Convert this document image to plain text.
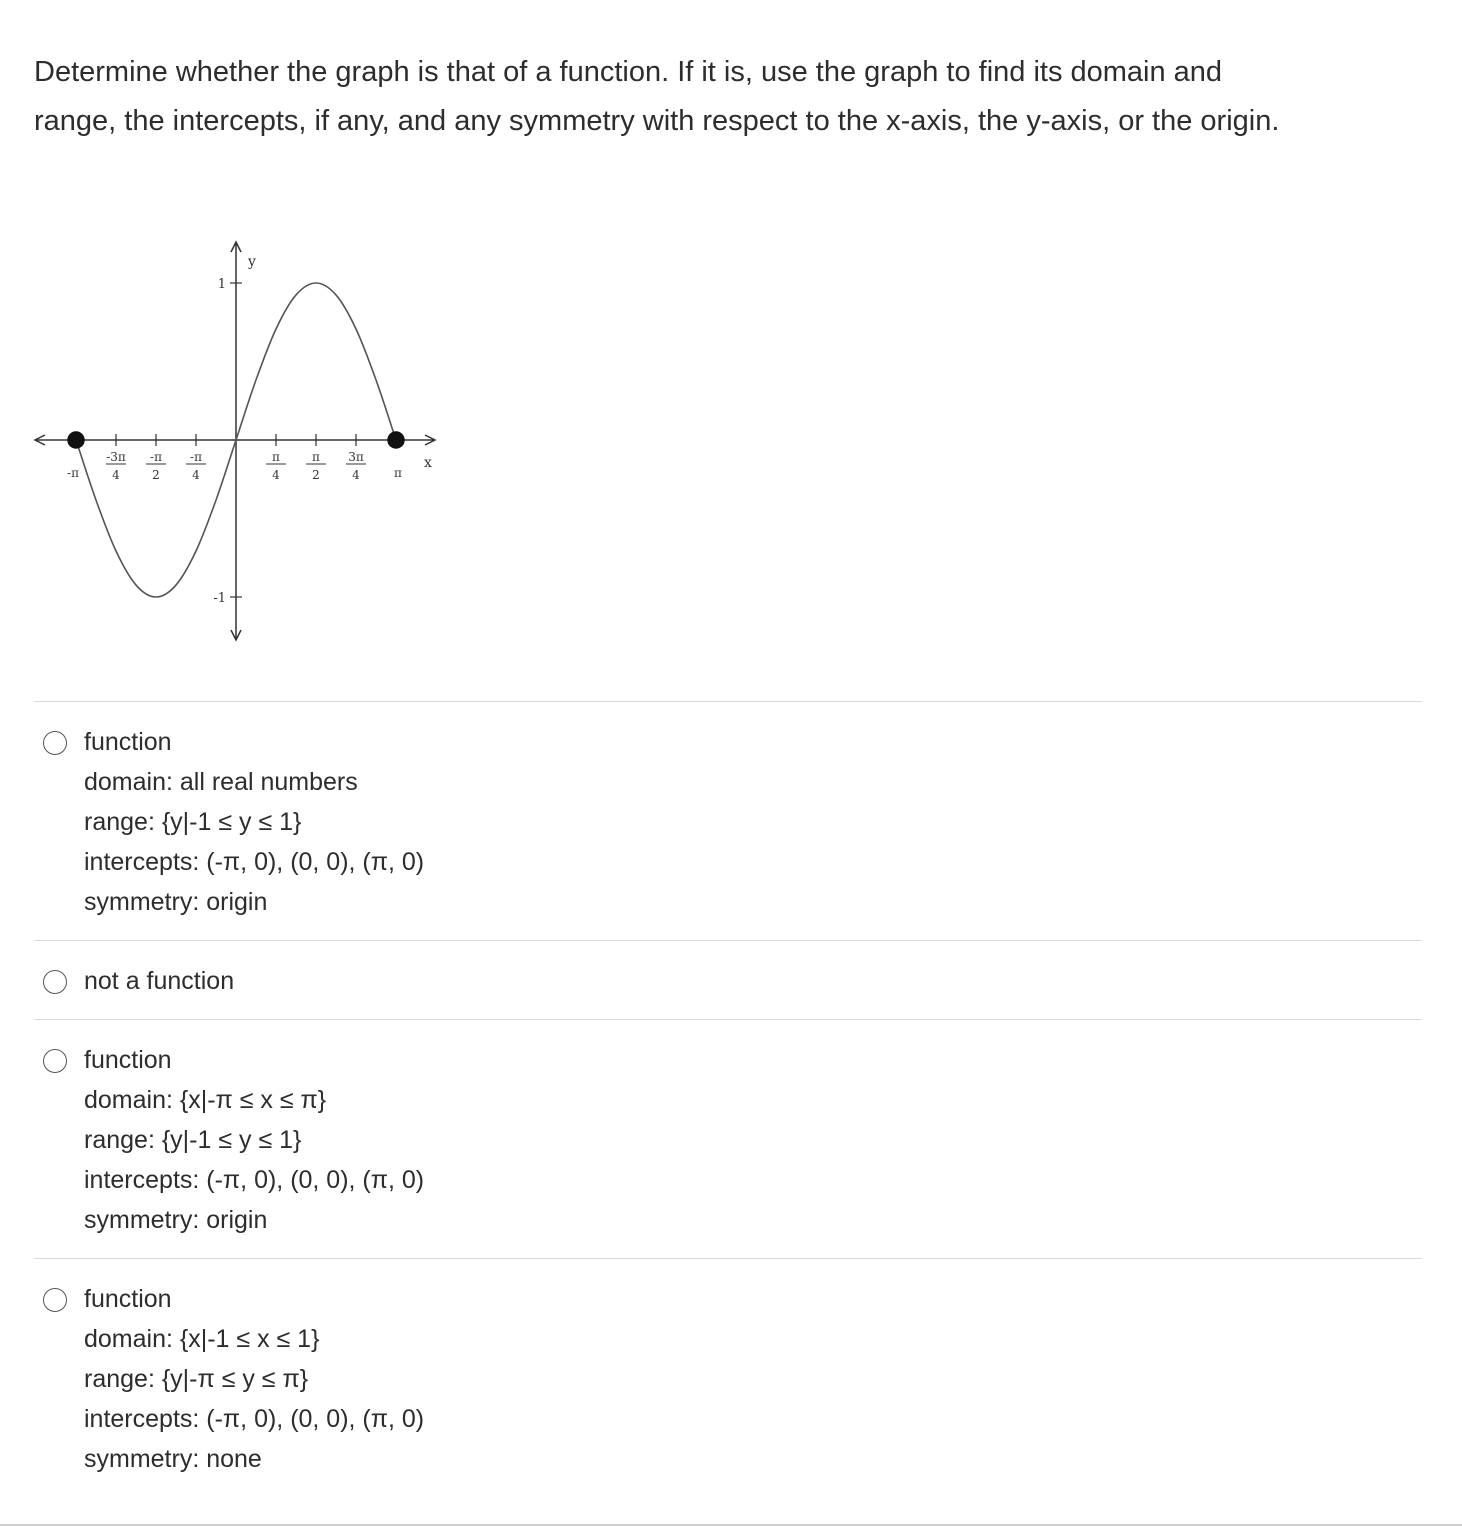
Determine whether the graph is that of a function. If it is, use the graph to find its domain and

range, the intercepts, if any, and any symmetry with respect to the x-axis, the y-axis, or the origin.

y
x
-π
-3π
4
-π
2
-π
4
π
4
π
2
3π
4	π
1
-1
function
domain: all real numbers
range: {y|-1 ≤ y ≤ 1}
intercepts: (-π, 0), (0, 0), (π, 0)
symmetry: origin
not a function
function
domain: {x|-π ≤ x ≤ π}
range: {y|-1 ≤ y ≤ 1}
intercepts: (-π, 0), (0, 0), (π, 0)
symmetry: origin
function
domain: {x|-1 ≤ x ≤ 1}
range: {y|-π ≤ y ≤ π}
intercepts: (-π, 0), (0, 0), (π, 0)
symmetry: none
